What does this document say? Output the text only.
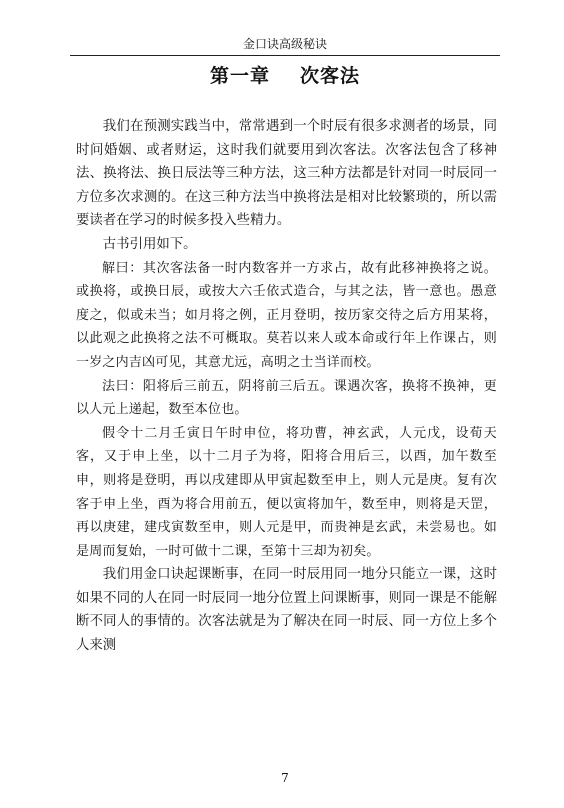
金口诀高级秘诀
第一章 次客法

我们在预测实践当中，常常遇到一个时辰有很多求测者的场景，同时问婚姻、或者财运，这时我们就要用到次客法。次客法包含了移神法、换将法、换日辰法等三种方法，这三种方法都是针对同一时辰同一方位多次求测的。在这三种方法当中换将法是相对比较繁琐的，所以需要读者在学习的时候多投入些精力。

古书引用如下。

解曰：其次客法备一时内数客并一方求占，故有此移神换将之说。或换将，或换日辰，或按大六壬依式造合，与其之法，皆一意也。愚意度之，似或未当；如月将之例，正月登明，按历家交待之后方用某将，以此观之此换将之法不可概取。莫若以来人或本命或行年上作课占，则一岁之内吉凶可见，其意尤远，高明之士当详而校。

法曰：阳将后三前五，阴将前三后五。课遇次客，换将不换神，更以人元上递起，数至本位也。

假令十二月壬寅日午时申位，将功曹，神玄武，人元戊，设荀天客，又于申上坐，以十二月子为将，阳将合用后三，以酉，加午数至申，则将是登明，再以戌建即从甲寅起数至申上，则人元是庚。复有次客于申上坐，酉为将合用前五，便以寅将加午，数至申，则将是天罡，再以庚建，建戌寅数至申，则人元是甲，而贵神是玄武，未尝易也。如是周而复始，一时可做十二课，至第十三却为初矣。

我们用金口诀起课断事，在同一时辰用同一地分只能立一课，这时如果不同的人在同一时辰同一地分位置上问课断事，则同一课是不能解断不同人的事情的。次客法就是为了解决在同一时辰、同一方位上多个人来测

7
